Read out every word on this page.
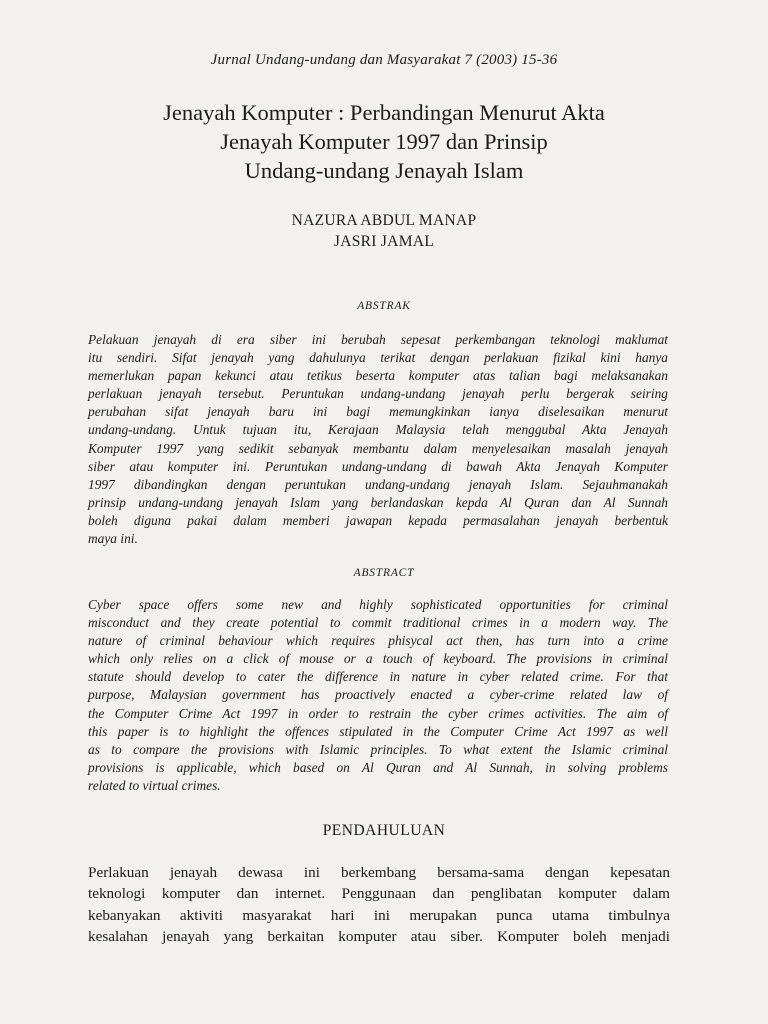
Jurnal Undang-undang dan Masyarakat 7 (2003) 15-36
Jenayah Komputer : Perbandingan Menurut Akta
Jenayah Komputer 1997 dan Prinsip
Undang-undang Jenayah Islam
NAZURA ABDUL MANAP
JASRI JAMAL
ABSTRAK
Pelakuan jenayah di era siber ini berubah sepesat perkembangan teknologi maklumat
itu sendiri. Sifat jenayah yang dahulunya terikat dengan perlakuan fizikal kini hanya
memerlukan papan kekunci atau tetikus beserta komputer atas talian bagi melaksanakan
perlakuan jenayah tersebut. Peruntukan undang-undang jenayah perlu bergerak seiring
perubahan sifat jenayah baru ini bagi memungkinkan ianya diselesaikan menurut
undang-undang. Untuk tujuan itu, Kerajaan Malaysia telah menggubal Akta Jenayah
Komputer 1997 yang sedikit sebanyak membantu dalam menyelesaikan masalah jenayah
siber atau komputer ini. Peruntukan undang-undang di bawah Akta Jenayah Komputer
1997 dibandingkan dengan peruntukan undang-undang jenayah Islam. Sejauhmanakah
prinsip undang-undang jenayah Islam yang berlandaskan kepda Al Quran dan Al Sunnah
boleh diguna pakai dalam memberi jawapan kepada permasalahan jenayah berbentuk
maya ini.
ABSTRACT
Cyber space offers some new and highly sophisticated opportunities for criminal
misconduct and they create potential to commit traditional crimes in a modern way. The
nature of criminal behaviour which requires phisycal act then, has turn into a crime
which only relies on a click of mouse or a touch of keyboard. The provisions in criminal
statute should develop to cater the difference in nature in cyber related crime. For that
purpose, Malaysian government has proactively enacted a cyber-crime related law of
the Computer Crime Act 1997 in order to restrain the cyber crimes activities. The aim of
this paper is to highlight the offences stipulated in the Computer Crime Act 1997 as well
as to compare the provisions with Islamic principles. To what extent the Islamic criminal
provisions is applicable, which based on Al Quran and Al Sunnah, in solving problems
related to virtual crimes.
PENDAHULUAN
Perlakuan jenayah dewasa ini berkembang bersama-sama dengan kepesatan
teknologi komputer dan internet. Penggunaan dan penglibatan komputer dalam
kebanyakan aktiviti masyarakat hari ini merupakan punca utama timbulnya
kesalahan jenayah yang berkaitan komputer atau siber. Komputer boleh menjadi
